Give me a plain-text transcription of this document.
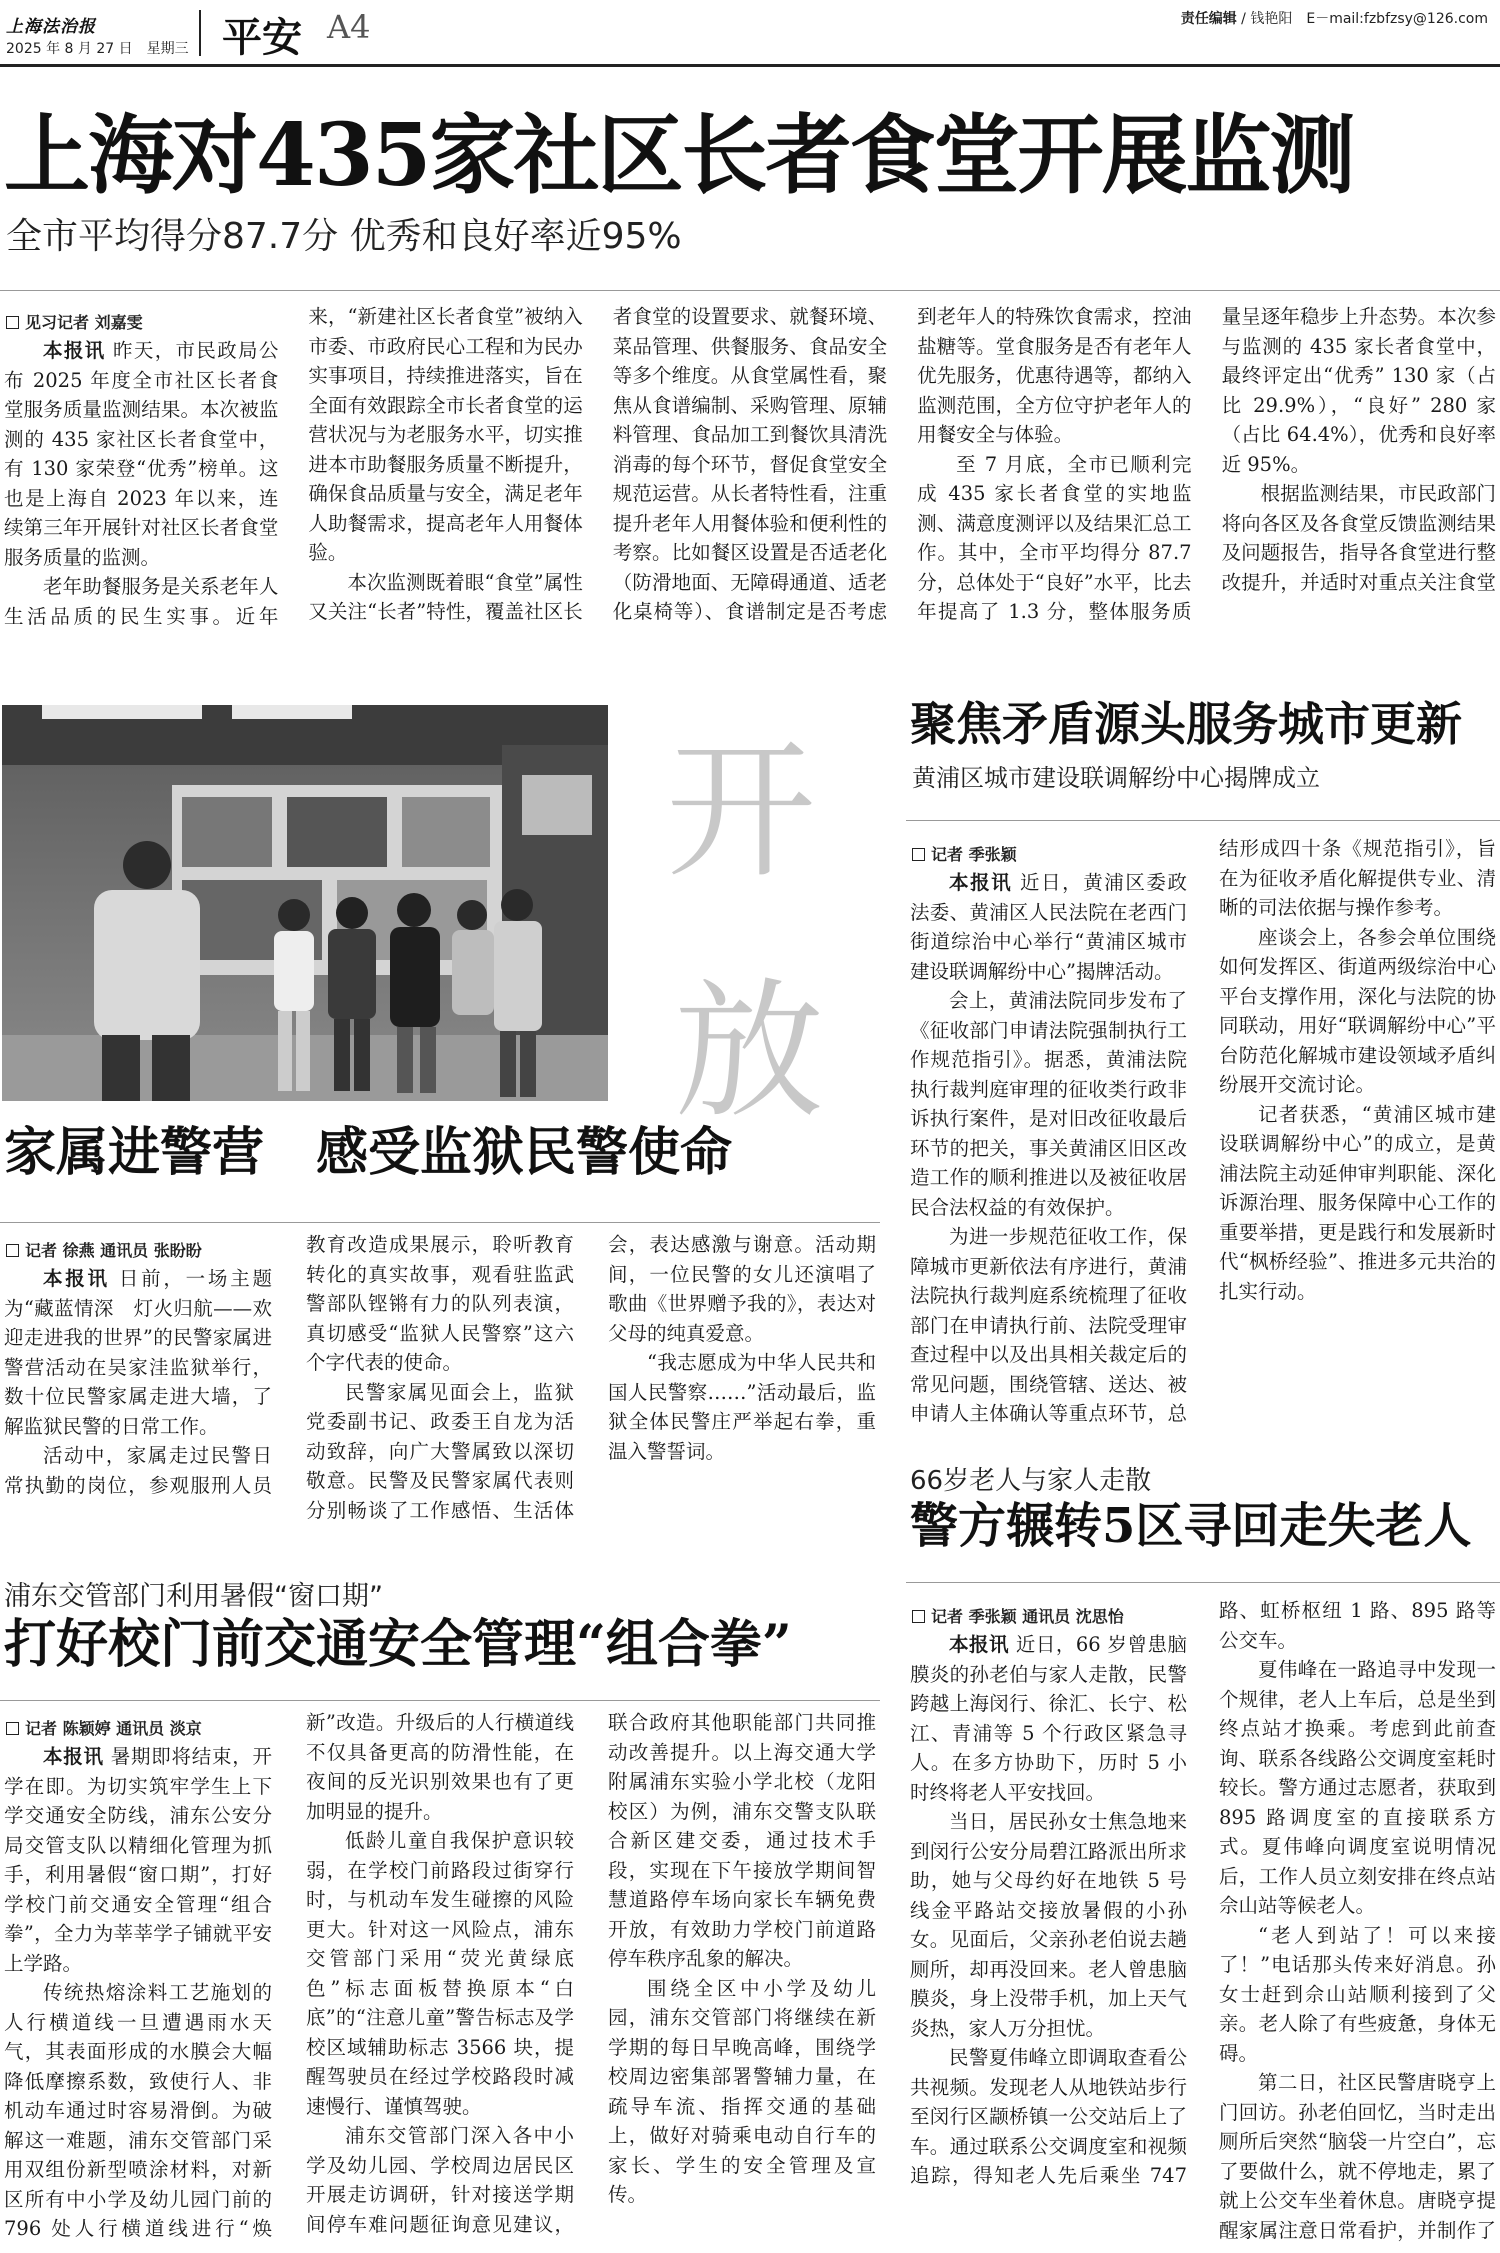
上海法治报
2025 年 8 月 27 日　星期三 平安 A4	责任编辑 / 钱艳阳　 E－mail:fzbfzsy@126.com
上海对435家社区长者食堂开展监测
全市平均得分87.7分 优秀和良好率近95%
见习记者 刘嘉雯

本报讯 昨天，市民政局公布 2025 年度全市社区长者食堂服务质量监测结果。本次被监测的 435 家社区长者食堂中，有 130 家荣登“优秀”榜单。这也是上海自 2023 年以来，连续第三年开展针对社区长者食堂服务质量的监测。

老年助餐服务是关系老年人生活品质的民生实事。近年来，“新建社区长者食堂”被纳入市委、市政府民心工程和为民办实事项目，持续推进落实，旨在全面有效跟踪全市长者食堂的运营状况与为老服务水平，切实推进本市助餐服务质量不断提升，确保食品质量与安全，满足老年人助餐需求，提高老年人用餐体验。

本次监测既着眼“食堂”属性又关注“长者”特性，覆盖社区长者食堂的设置要求、就餐环境、菜品管理、供餐服务、食品安全等多个维度。从食堂属性看，聚焦从食谱编制、采购管理、原辅料管理、食品加工到餐饮具清洗消毒的每个环节，督促食堂安全规范运营。从长者特性看，注重提升老年人用餐体验和便利性的考察。比如餐区设置是否适老化（防滑地面、无障碍通道、适老化桌椅等）、食谱制定是否考虑到老年人的特殊饮食需求，控油盐糖等。堂食服务是否有老年人优先服务，优惠待遇等，都纳入监测范围，全方位守护老年人的用餐安全与体验。

至 7 月底，全市已顺利完成 435 家长者食堂的实地监测、满意度测评以及结果汇总工作。其中，全市平均得分 87.7 分，总体处于“良好”水平，比去年提高了 1.3 分，整体服务质量呈逐年稳步上升态势。本次参与监测的 435 家长者食堂中，最终评定出“优秀” 130 家（占比 29.9%），“良好” 280 家（占比 64.4%），优秀和良好率近 95%。

根据监测结果，市民政部门将向各区及各食堂反馈监测结果及问题报告，指导各食堂进行整改提升，并适时对重点关注食堂

开
放
家属进警营　感受监狱民警使命
记者 徐燕 通讯员 张盼盼

本报讯 日前，一场主题为“藏蓝情深　灯火归航——欢迎走进我的世界”的民警家属进警营活动在吴家洼监狱举行，数十位民警家属走进大墙，了解监狱民警的日常工作。

活动中，家属走过民警日常执勤的岗位，参观服刑人员教育改造成果展示，聆听教育转化的真实故事，观看驻监武警部队铿锵有力的队列表演，真切感受“监狱人民警察”这六个字代表的使命。

民警家属见面会上，监狱党委副书记、政委王自龙为活动致辞，向广大警属致以深切敬意。民警及民警家属代表则分别畅谈了工作感悟、生活体会，表达感激与谢意。活动期间，一位民警的女儿还演唱了歌曲《世界赠予我的》，表达对父母的纯真爱意。

“我志愿成为中华人民共和国人民警察……”活动最后，监狱全体民警庄严举起右拳，重温入警誓词。

浦东交管部门利用暑假“窗口期”
打好校门前交通安全管理“组合拳”
记者 陈颖婷 通讯员 淡京

本报讯 暑期即将结束，开学在即。为切实筑牢学生上下学交通安全防线，浦东公安分局交管支队以精细化管理为抓手，利用暑假“窗口期”，打好学校门前交通安全管理“组合拳”，全力为莘莘学子铺就平安上学路。

传统热熔涂料工艺施划的人行横道线一旦遭遇雨水天气，其表面形成的水膜会大幅降低摩擦系数，致使行人、非机动车通过时容易滑倒。为破解这一难题，浦东交管部门采用双组份新型喷涂材料，对新区所有中小学及幼儿园门前的 796 处人行横道线进行“焕新”改造。升级后的人行横道线不仅具备更高的防滑性能，在夜间的反光识别效果也有了更加明显的提升。

低龄儿童自我保护意识较弱，在学校门前路段过街穿行时，与机动车发生碰擦的风险更大。针对这一风险点，浦东交管部门采用“荧光黄绿底色”标志面板替换原本“白底”的“注意儿童”警告标志及学校区域辅助标志 3566 块，提醒驾驶员在经过学校路段时减速慢行、谨慎驾驶。

浦东交管部门深入各中小学及幼儿园、学校周边居民区开展走访调研，针对接送学期间停车难问题征询意见建议，联合政府其他职能部门共同推动改善提升。以上海交通大学附属浦东实验小学北校（龙阳校区）为例，浦东交警支队联合新区建交委，通过技术手段，实现在下午接放学期间智慧道路停车场向家长车辆免费开放，有效助力学校门前道路停车秩序乱象的解决。

围绕全区中小学及幼儿园，浦东交管部门将继续在新学期的每日早晚高峰，围绕学校周边密集部署警辅力量，在疏导车流、指挥交通的基础上，做好对骑乘电动自行车的家长、学生的安全管理及宣传。

聚焦矛盾源头服务城市更新
黄浦区城市建设联调解纷中心揭牌成立
记者 季张颖

本报讯 近日，黄浦区委政法委、黄浦区人民法院在老西门街道综治中心举行“黄浦区城市建设联调解纷中心”揭牌活动。

会上，黄浦法院同步发布了《征收部门申请法院强制执行工作规范指引》。据悉，黄浦法院执行裁判庭审理的征收类行政非诉执行案件，是对旧改征收最后环节的把关，事关黄浦区旧区改造工作的顺利推进以及被征收居民合法权益的有效保护。

为进一步规范征收工作，保障城市更新依法有序进行，黄浦法院执行裁判庭系统梳理了征收部门在申请执行前、法院受理审查过程中以及出具相关裁定后的常见问题，围绕管辖、送达、被申请人主体确认等重点环节，总结形成四十条《规范指引》，旨在为征收矛盾化解提供专业、清晰的司法依据与操作参考。

座谈会上，各参会单位围绕如何发挥区、街道两级综治中心平台支撑作用，深化与法院的协同联动，用好“联调解纷中心”平台防范化解城市建设领域矛盾纠纷展开交流讨论。

记者获悉，“黄浦区城市建设联调解纷中心”的成立，是黄浦法院主动延伸审判职能、深化诉源治理、服务保障中心工作的重要举措，更是践行和发展新时代“枫桥经验”、推进多元共治的扎实行动。

66岁老人与家人走散
警方辗转5区寻回走失老人
记者 季张颖 通讯员 沈思怡

本报讯 近日，66 岁曾患脑膜炎的孙老伯与家人走散，民警跨越上海闵行、徐汇、长宁、松江、青浦等 5 个行政区紧急寻人。在多方协助下，历时 5 小时终将老人平安找回。

当日，居民孙女士焦急地来到闵行公安分局碧江路派出所求助，她与父母约好在地铁 5 号线金平路站交接放暑假的小孙女。见面后，父亲孙老伯说去趟厕所，却再没回来。老人曾患脑膜炎，身上没带手机，加上天气炎热，家人万分担忧。

民警夏伟峰立即调取查看公共视频。发现老人从地铁站步行至闵行区颛桥镇一公交站后上了车。通过联系公交调度室和视频追踪，得知老人先后乘坐 747 路、虹桥枢纽 1 路、895 路等公交车。

夏伟峰在一路追寻中发现一个规律，老人上车后，总是坐到终点站才换乘。考虑到此前查询、联系各线路公交调度室耗时较长。警方通过志愿者，获取到 895 路调度室的直接联系方式。夏伟峰向调度室说明情况后，工作人员立刻安排在终点站佘山站等候老人。

“老人到站了！可以来接了！”电话那头传来好消息。孙女士赶到佘山站顺利接到了父亲。老人除了有些疲惫，身体无碍。

第二日，社区民警唐晓亨上门回访。孙老伯回忆，当时走出厕所后突然“脑袋一片空白”，忘了要做什么，就不停地走，累了就上公交车坐着休息。唐晓亨提醒家属注意日常看护，并制作了
